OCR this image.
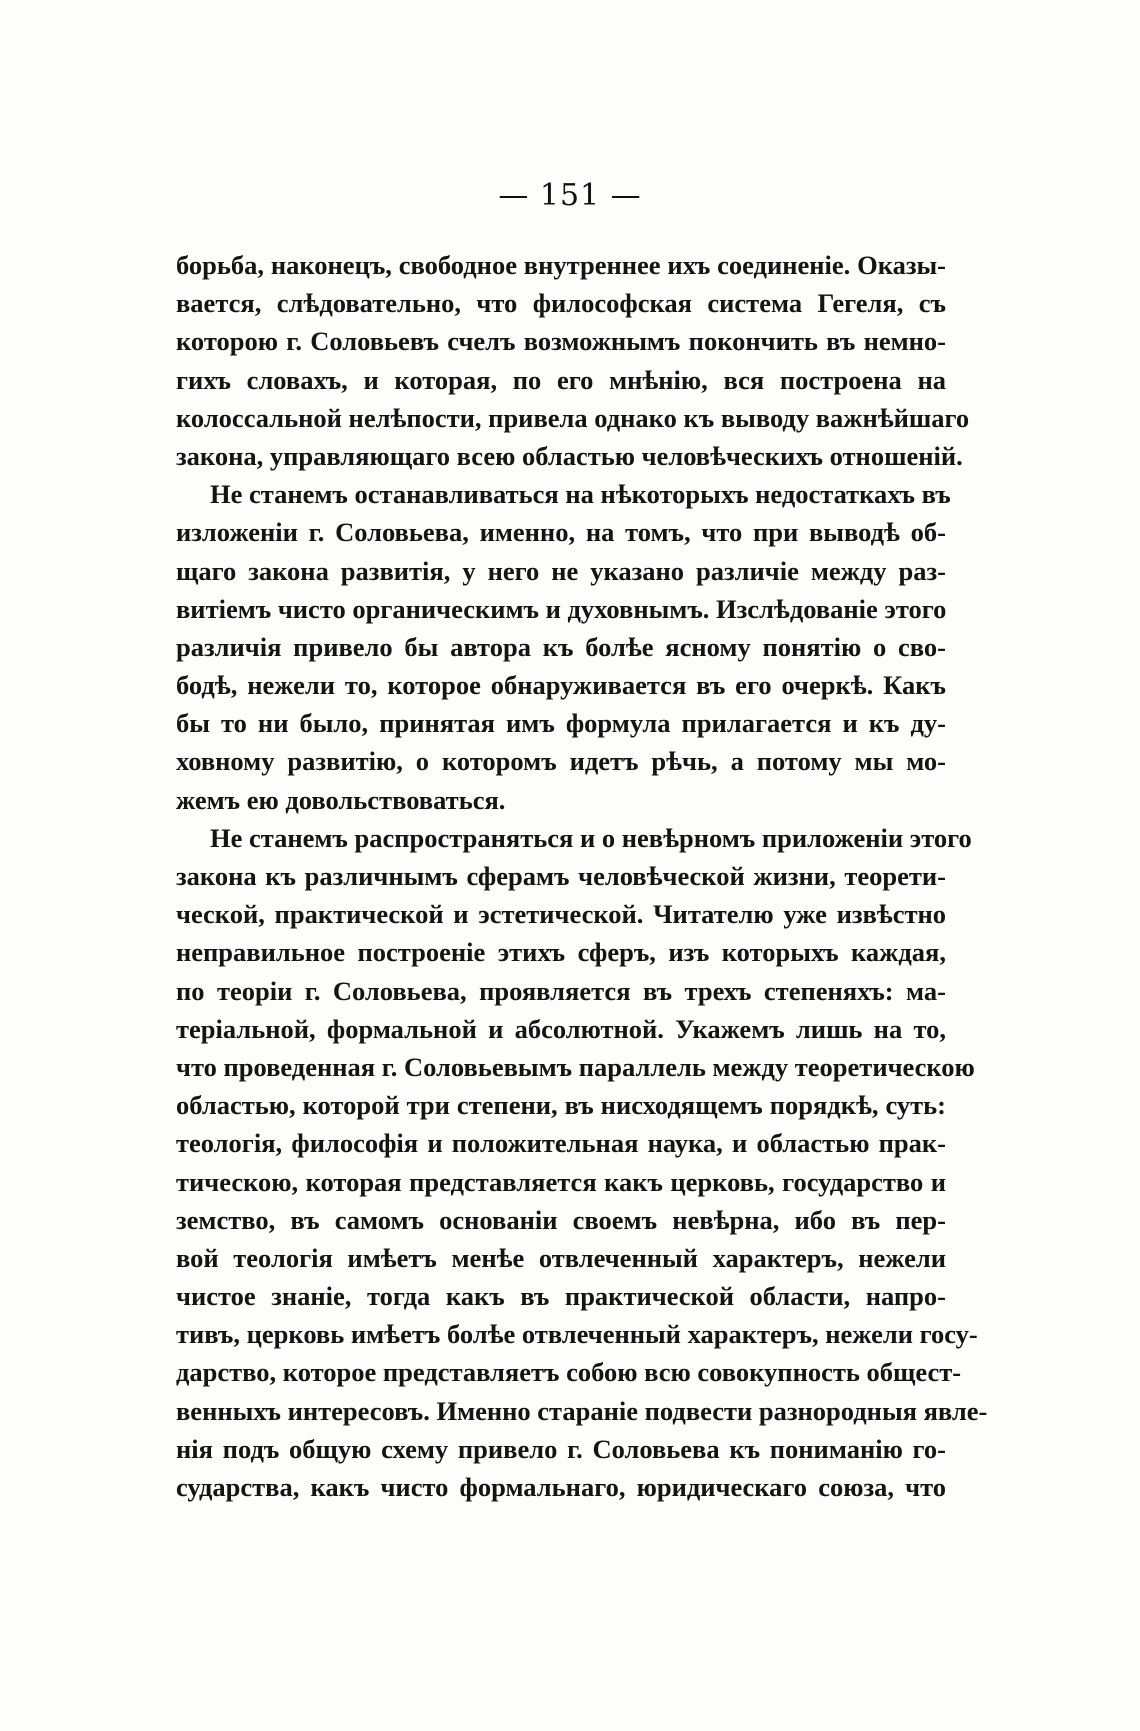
— 151 —
борьба, наконецъ, свободное внутреннее ихъ соединеніе. Оказы-
вается, слѣдовательно, что философская система Гегеля, съ
которою г. Соловьевъ счелъ возможнымъ покончить въ немно-
гихъ словахъ, и которая, по его мнѣнію, вся построена на
колоссальной нелѣпости, привела однако къ выводу важнѣйшаго
закона, управляющаго всею областью человѣческихъ отношеній.
Не станемъ останавливаться на нѣкоторыхъ недостаткахъ въ
изложеніи г. Соловьева, именно, на томъ, что при выводѣ об-
щаго закона развитія, у него не указано различіе между раз-
витіемъ чисто органическимъ и духовнымъ. Изслѣдованіе этого
различія привело бы автора къ болѣе ясному понятію о сво-
бодѣ, нежели то, которое обнаруживается въ его очеркѣ. Какъ
бы то ни было, принятая имъ формула прилагается и къ ду-
ховному развитію, о которомъ идетъ рѣчь, а потому мы мо-
жемъ ею довольствоваться.
Не станемъ распространяться и о невѣрномъ приложеніи этого
закона къ различнымъ сферамъ человѣческой жизни, теорети-
ческой, практической и эстетической. Читателю уже извѣстно
неправильное построеніе этихъ сферъ, изъ которыхъ каждая,
по теоріи г. Соловьева, проявляется въ трехъ степеняхъ: ма-
теріальной, формальной и абсолютной. Укажемъ лишь на то,
что проведенная г. Соловьевымъ параллель между теоретическою
областью, которой три степени, въ нисходящемъ порядкѣ, суть:
теологія, философія и положительная наука, и областью прак-
тическою, которая представляется какъ церковь, государство и
земство, въ самомъ основаніи своемъ невѣрна, ибо въ пер-
вой теологія имѣетъ менѣе отвлеченный характеръ, нежели
чистое знаніе, тогда какъ въ практической области, напро-
тивъ, церковь имѣетъ болѣе отвлеченный характеръ, нежели госу-
дарство, которое представляетъ собою всю совокупность общест-
венныхъ интересовъ. Именно стараніе подвести разнородныя явле-
нія подъ общую схему привело г. Соловьева къ пониманію го-
сударства, какъ чисто формальнаго, юридическаго союза, что
